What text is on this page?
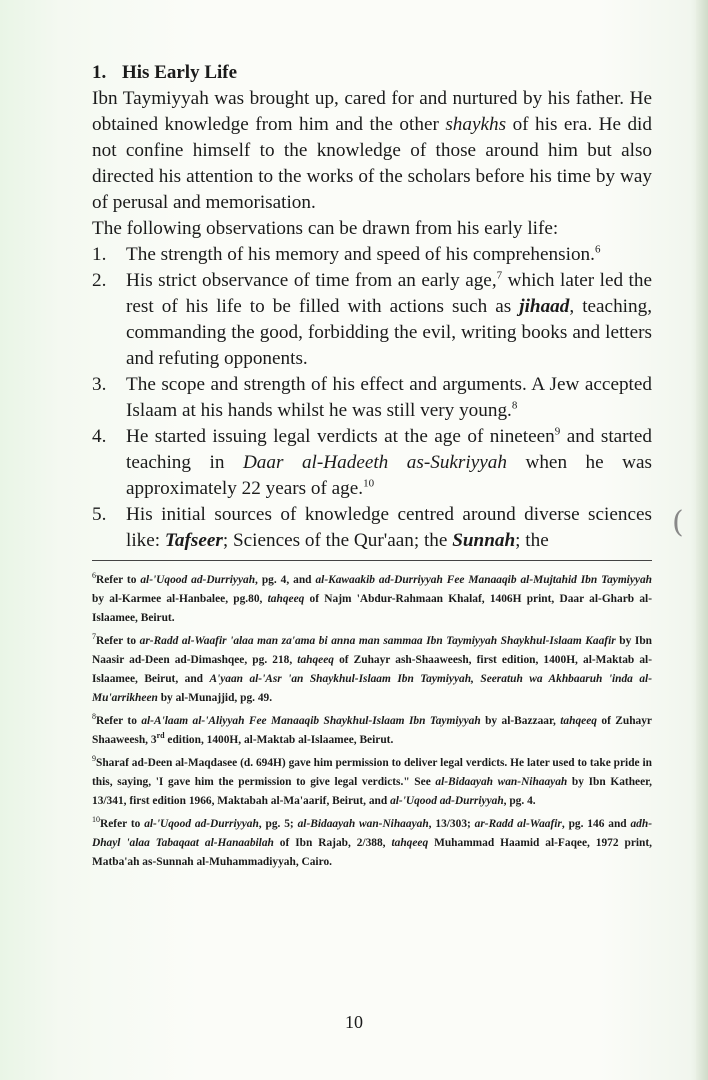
(
1. His Early Life

Ibn Taymiyyah was brought up, cared for and nurtured by his father. He obtained knowledge from him and the other shaykhs of his era. He did not confine himself to the knowledge of those around him but also directed his attention to the works of the scholars before his time by way of perusal and memorisation.

The following observations can be drawn from his early life:

1. The strength of his memory and speed of his comprehension.$^6$
2. His strict observance of time from an early age,$^7$ which later led the rest of his life to be filled with actions such as jihaad, teaching, commanding the good, forbidding the evil, writing books and letters and refuting opponents.
3. The scope and strength of his effect and arguments. A Jew accepted Islaam at his hands whilst he was still very young.$^8$
4. He started issuing legal verdicts at the age of nineteen$^9$ and started teaching in Daar al-Hadeeth as-Sukriyyah when he was approximately 22 years of age.$^{10}$
5. His initial sources of knowledge centred around diverse sciences like: Tafseer; Sciences of the Qur'aan; the Sunnah; the

$^6$Refer to al-'Uqood ad-Durriyyah, pg. 4, and al-Kawaakib ad-Durriyyah Fee Manaaqib al-Mujtahid Ibn Taymiyyah by al-Karmee al-Hanbalee, pg.80, tahqeeq of Najm 'Abdur-Rahmaan Khalaf, 1406H print, Daar al-Gharb al-Islaamee, Beirut.

$^7$Refer to ar-Radd al-Waafir 'alaa man za'ama bi anna man sammaa Ibn Taymiyyah Shaykhul-Islaam Kaafir by Ibn Naasir ad-Deen ad-Dimashqee, pg. 218, tahqeeq of Zuhayr ash-Shaaweesh, first edition, 1400H, al-Maktab al-Islaamee, Beirut, and A'yaan al-'Asr 'an Shaykhul-Islaam Ibn Taymiyyah, Seeratuh wa Akhbaaruh 'inda al-Mu'arrikheen by al-Munajjid, pg. 49.

$^8$Refer to al-A'laam al-'Aliyyah Fee Manaaqib Shaykhul-Islaam Ibn Taymiyyah by al-Bazzaar, tahqeeq of Zuhayr Shaaweesh, 3rd edition, 1400H, al-Maktab al-Islaamee, Beirut.

$^9$Sharaf ad-Deen al-Maqdasee (d. 694H) gave him permission to deliver legal verdicts. He later used to take pride in this, saying, 'I gave him the permission to give legal verdicts." See al-Bidaayah wan-Nihaayah by Ibn Katheer, 13/341, first edition 1966, Maktabah al-Ma'aarif, Beirut, and al-'Uqood ad-Durriyyah, pg. 4.

$^{10}$Refer to al-'Uqood ad-Durriyyah, pg. 5; al-Bidaayah wan-Nihaayah, 13/303; ar-Radd al-Waafir, pg. 146 and adh-Dhayl 'alaa Tabaqaat al-Hanaabilah of Ibn Rajab, 2/388, tahqeeq Muhammad Haamid al-Faqee, 1972 print, Matba'ah as-Sunnah al-Muhammadiyyah, Cairo.

10
